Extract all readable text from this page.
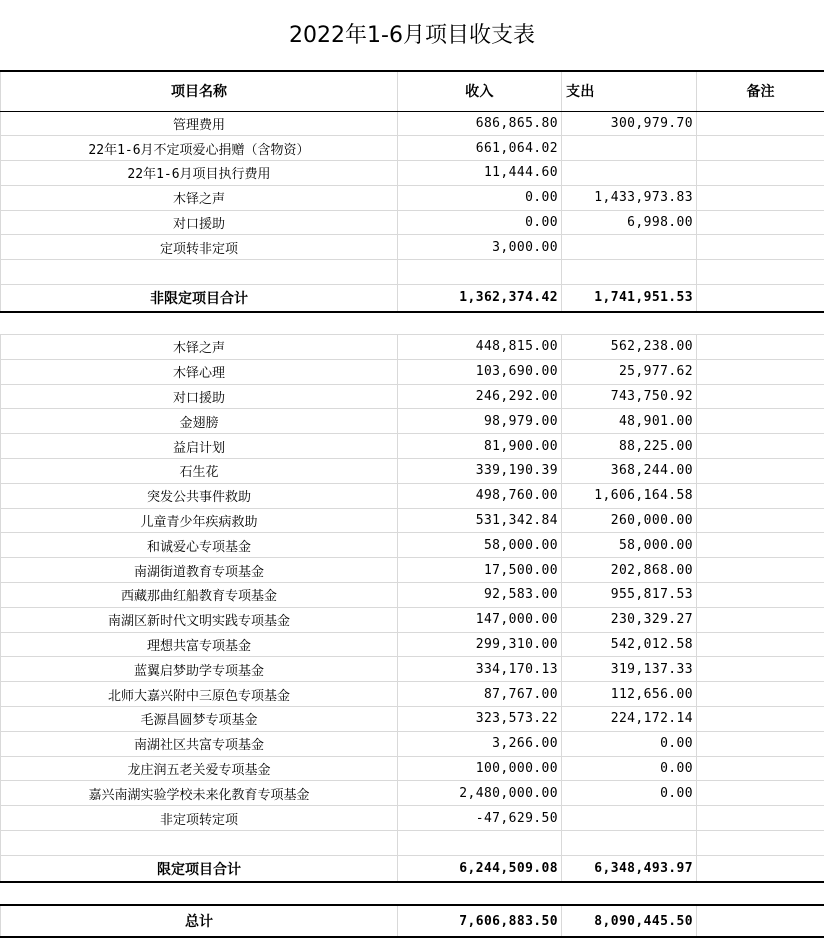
2022年1-6月项目收支表
项目名称	收入	支出	备注
管理费用	686,865.80	300,979.70	
22年1-6月不定项爱心捐赠（含物资）	661,064.02		
22年1-6月项目执行费用	11,444.60		
木铎之声	0.00	1,433,973.83	
对口援助	0.00	6,998.00	
定项转非定项	3,000.00		

非限定项目合计	1,362,374.42	1,741,951.53	

木铎之声	448,815.00	562,238.00	
木铎心理	103,690.00	25,977.62	
对口援助	246,292.00	743,750.92	
金翅膀	98,979.00	48,901.00	
益启计划	81,900.00	88,225.00	
石生花	339,190.39	368,244.00	
突发公共事件救助	498,760.00	1,606,164.58	
儿童青少年疾病救助	531,342.84	260,000.00	
和诚爱心专项基金	58,000.00	58,000.00	
南湖街道教育专项基金	17,500.00	202,868.00	
西藏那曲红船教育专项基金	92,583.00	955,817.53	
南湖区新时代文明实践专项基金	147,000.00	230,329.27	
理想共富专项基金	299,310.00	542,012.58	
蓝翼启梦助学专项基金	334,170.13	319,137.33	
北师大嘉兴附中三原色专项基金	87,767.00	112,656.00	
毛源昌圆梦专项基金	323,573.22	224,172.14	
南湖社区共富专项基金	3,266.00	0.00	
龙庄润五老关爱专项基金	100,000.00	0.00	
嘉兴南湖实验学校未来化教育专项基金	2,480,000.00	0.00	
非定项转定项	-47,629.50		

限定项目合计	6,244,509.08	6,348,493.97	

总计	7,606,883.50	8,090,445.50	
